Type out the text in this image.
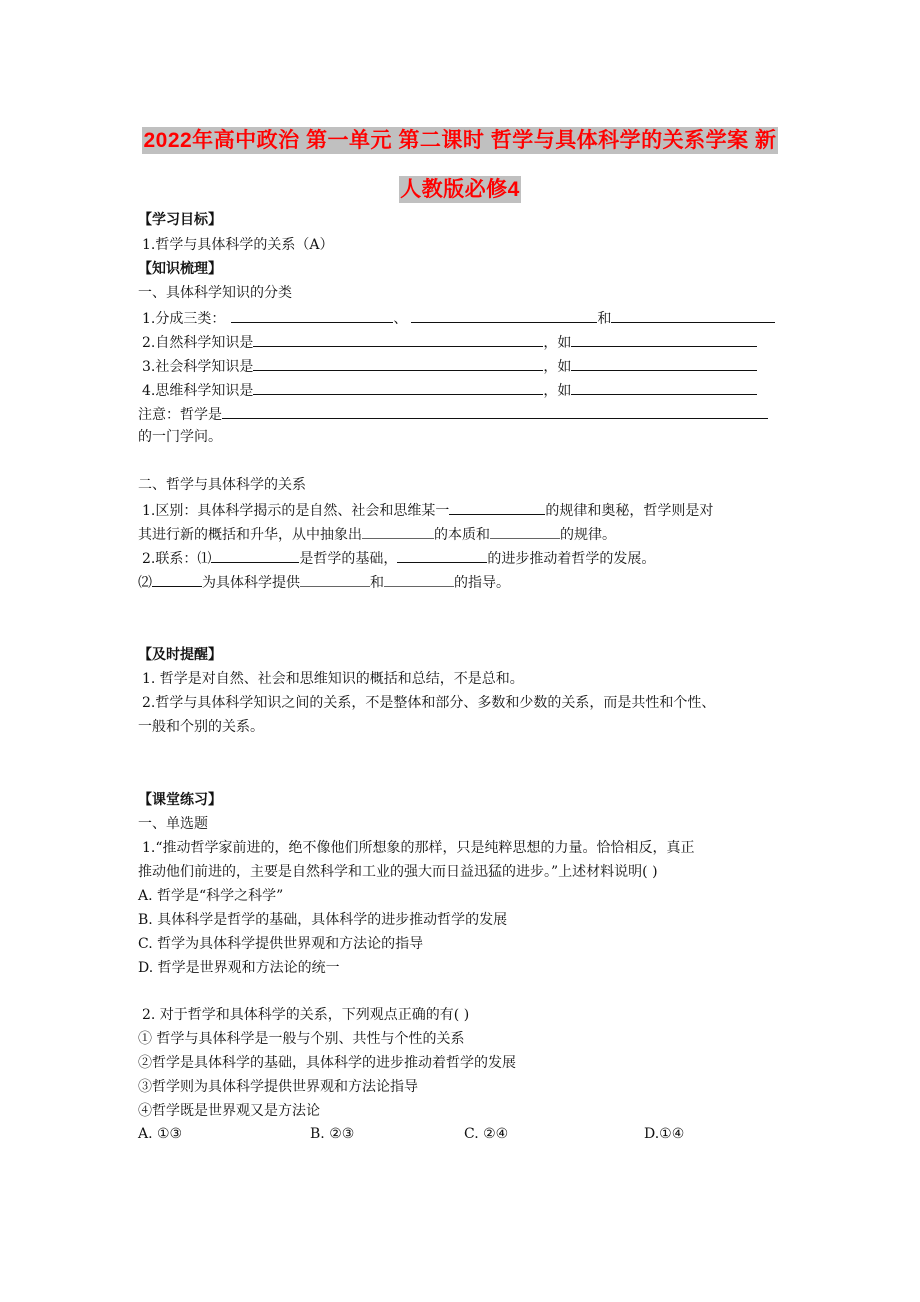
2022年高中政治 第一单元 第二课时 哲学与具体科学的关系学案 新
人教版必修4
【学习目标】
1.哲学与具体科学的关系（A）
【知识梳理】
一、具体科学知识的分类
1.分成三类：	、	和
2.自然科学知识是	，如
3.社会科学知识是	，如
4.思维科学知识是	，如
注意：哲学是
的一门学问。
二、哲学与具体科学的关系
1.区别：具体科学揭示的是自然、社会和思维某一	的规律和奥秘，哲学则是对
其进行新的概括和升华，从中抽象出	的本质和	的规律。
2.联系：⑴	是哲学的基础，	的进步推动着哲学的发展。
⑵	为具体科学提供	和	的指导。
【及时提醒】
1. 哲学是对自然、社会和思维知识的概括和总结，不是总和。
2.哲学与具体科学知识之间的关系，不是整体和部分、多数和少数的关系，而是共性和个性、
一般和个别的关系。
【课堂练习】
一、单选题
1.“推动哲学家前进的，绝不像他们所想象的那样，只是纯粹思想的力量。恰恰相反，真正
推动他们前进的，主要是自然科学和工业的强大而日益迅猛的进步。”上述材料说明( )
A. 哲学是“科学之科学”
B. 具体科学是哲学的基础，具体科学的进步推动哲学的发展
C. 哲学为具体科学提供世界观和方法论的指导
D. 哲学是世界观和方法论的统一
2. 对于哲学和具体科学的关系，下列观点正确的有( )
① 哲学与具体科学是一般与个别、共性与个性的关系
②哲学是具体科学的基础，具体科学的进步推动着哲学的发展
③哲学则为具体科学提供世界观和方法论指导
④哲学既是世界观又是方法论
A. ①③	B. ②③	C. ②④	D.①④
